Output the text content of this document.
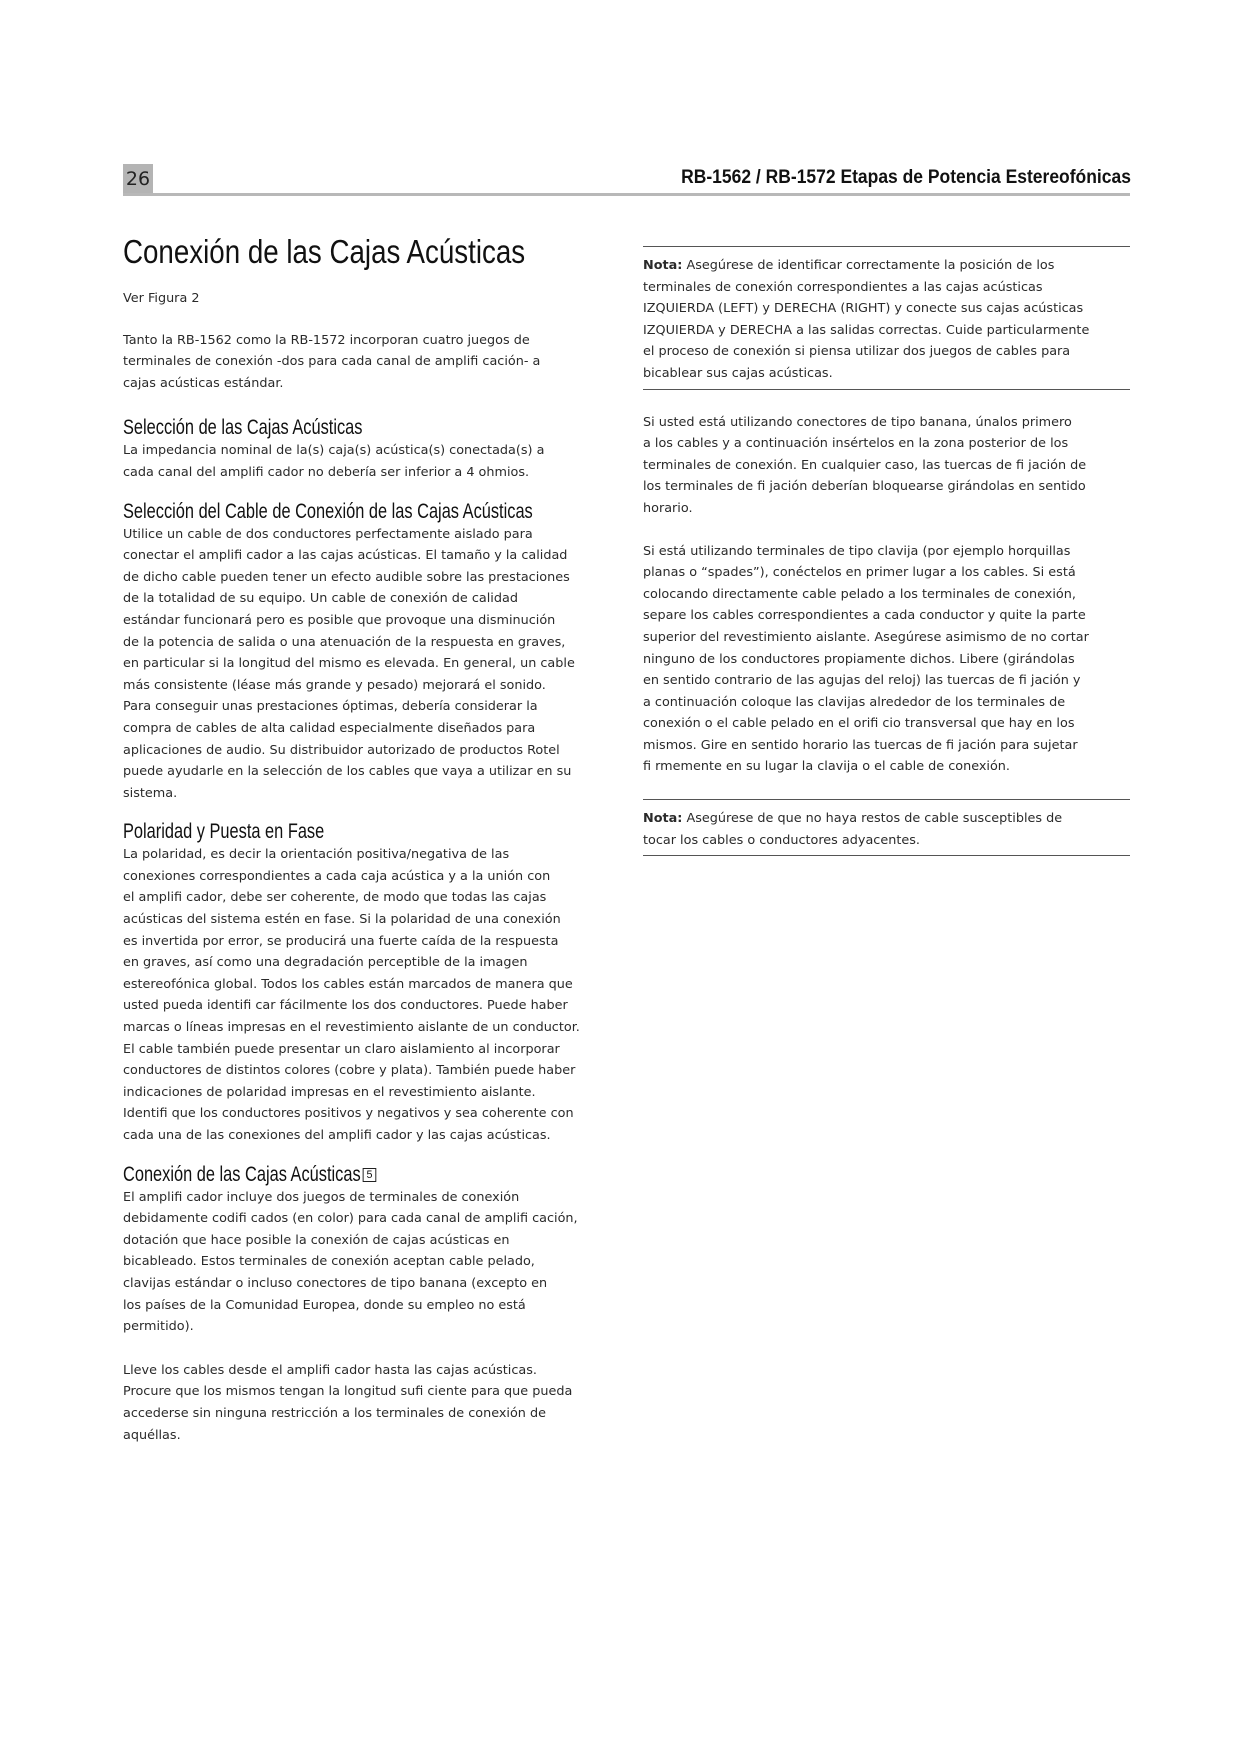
26	RB-1562 / RB-1572 Etapas de Potencia Estereofónicas
Conexión de las Cajas Acústicas

Ver Figura 2

Tanto la RB-1562 como la RB-1572 incorporan cuatro juegos de
terminales de conexión -dos para cada canal de amplifi cación- a
cajas acústicas estándar.

Selección de las Cajas Acústicas

La impedancia nominal de la(s) caja(s) acústica(s) conectada(s) a
cada canal del amplifi cador no debería ser inferior a 4 ohmios.

Selección del Cable de Conexión de las Cajas Acústicas

Utilice un cable de dos conductores perfectamente aislado para
conectar el amplifi cador a las cajas acústicas. El tamaño y la calidad
de dicho cable pueden tener un efecto audible sobre las prestaciones
de la totalidad de su equipo. Un cable de conexión de calidad
estándar funcionará pero es posible que provoque una disminución
de la potencia de salida o una atenuación de la respuesta en graves,
en particular si la longitud del mismo es elevada. En general, un cable
más consistente (léase más grande y pesado) mejorará el sonido.
Para conseguir unas prestaciones óptimas, debería considerar la
compra de cables de alta calidad especialmente diseñados para
aplicaciones de audio. Su distribuidor autorizado de productos Rotel
puede ayudarle en la selección de los cables que vaya a utilizar en su
sistema.

Polaridad y Puesta en Fase

La polaridad, es decir la orientación positiva/negativa de las
conexiones correspondientes a cada caja acústica y a la unión con
el amplifi cador, debe ser coherente, de modo que todas las cajas
acústicas del sistema estén en fase. Si la polaridad de una conexión
es invertida por error, se producirá una fuerte caída de la respuesta
en graves, así como una degradación perceptible de la imagen
estereofónica global. Todos los cables están marcados de manera que
usted pueda identifi car fácilmente los dos conductores. Puede haber
marcas o líneas impresas en el revestimiento aislante de un conductor.
El cable también puede presentar un claro aislamiento al incorporar
conductores de distintos colores (cobre y plata). También puede haber
indicaciones de polaridad impresas en el revestimiento aislante.
Identifi que los conductores positivos y negativos y sea coherente con
cada una de las conexiones del amplifi cador y las cajas acústicas.

Conexión de las Cajas Acústicas 5

El amplifi cador incluye dos juegos de terminales de conexión
debidamente codifi cados (en color) para cada canal de amplifi cación,
dotación que hace posible la conexión de cajas acústicas en
bicableado. Estos terminales de conexión aceptan cable pelado,
clavijas estándar o incluso conectores de tipo banana (excepto en
los países de la Comunidad Europea, donde su empleo no está
permitido).

Lleve los cables desde el amplifi cador hasta las cajas acústicas.
Procure que los mismos tengan la longitud sufi ciente para que pueda
accederse sin ninguna restricción a los terminales de conexión de
aquéllas.

Nota: Asegúrese de identificar correctamente la posición de los
terminales de conexión correspondientes a las cajas acústicas
IZQUIERDA (LEFT) y DERECHA (RIGHT) y conecte sus cajas acústicas
IZQUIERDA y DERECHA a las salidas correctas. Cuide particularmente
el proceso de conexión si piensa utilizar dos juegos de cables para
bicablear sus cajas acústicas.

Si usted está utilizando conectores de tipo banana, únalos primero
a los cables y a continuación insértelos en la zona posterior de los
terminales de conexión. En cualquier caso, las tuercas de fi jación de
los terminales de fi jación deberían bloquearse girándolas en sentido
horario.

Si está utilizando terminales de tipo clavija (por ejemplo horquillas
planas o “spades”), conéctelos en primer lugar a los cables. Si está
colocando directamente cable pelado a los terminales de conexión,
separe los cables correspondientes a cada conductor y quite la parte
superior del revestimiento aislante. Asegúrese asimismo de no cortar
ninguno de los conductores propiamente dichos. Libere (girándolas
en sentido contrario de las agujas del reloj) las tuercas de fi jación y
a continuación coloque las clavijas alrededor de los terminales de
conexión o el cable pelado en el orifi cio transversal que hay en los
mismos. Gire en sentido horario las tuercas de fi jación para sujetar
fi rmemente en su lugar la clavija o el cable de conexión.

Nota: Asegúrese de que no haya restos de cable susceptibles de
tocar los cables o conductores adyacentes.
